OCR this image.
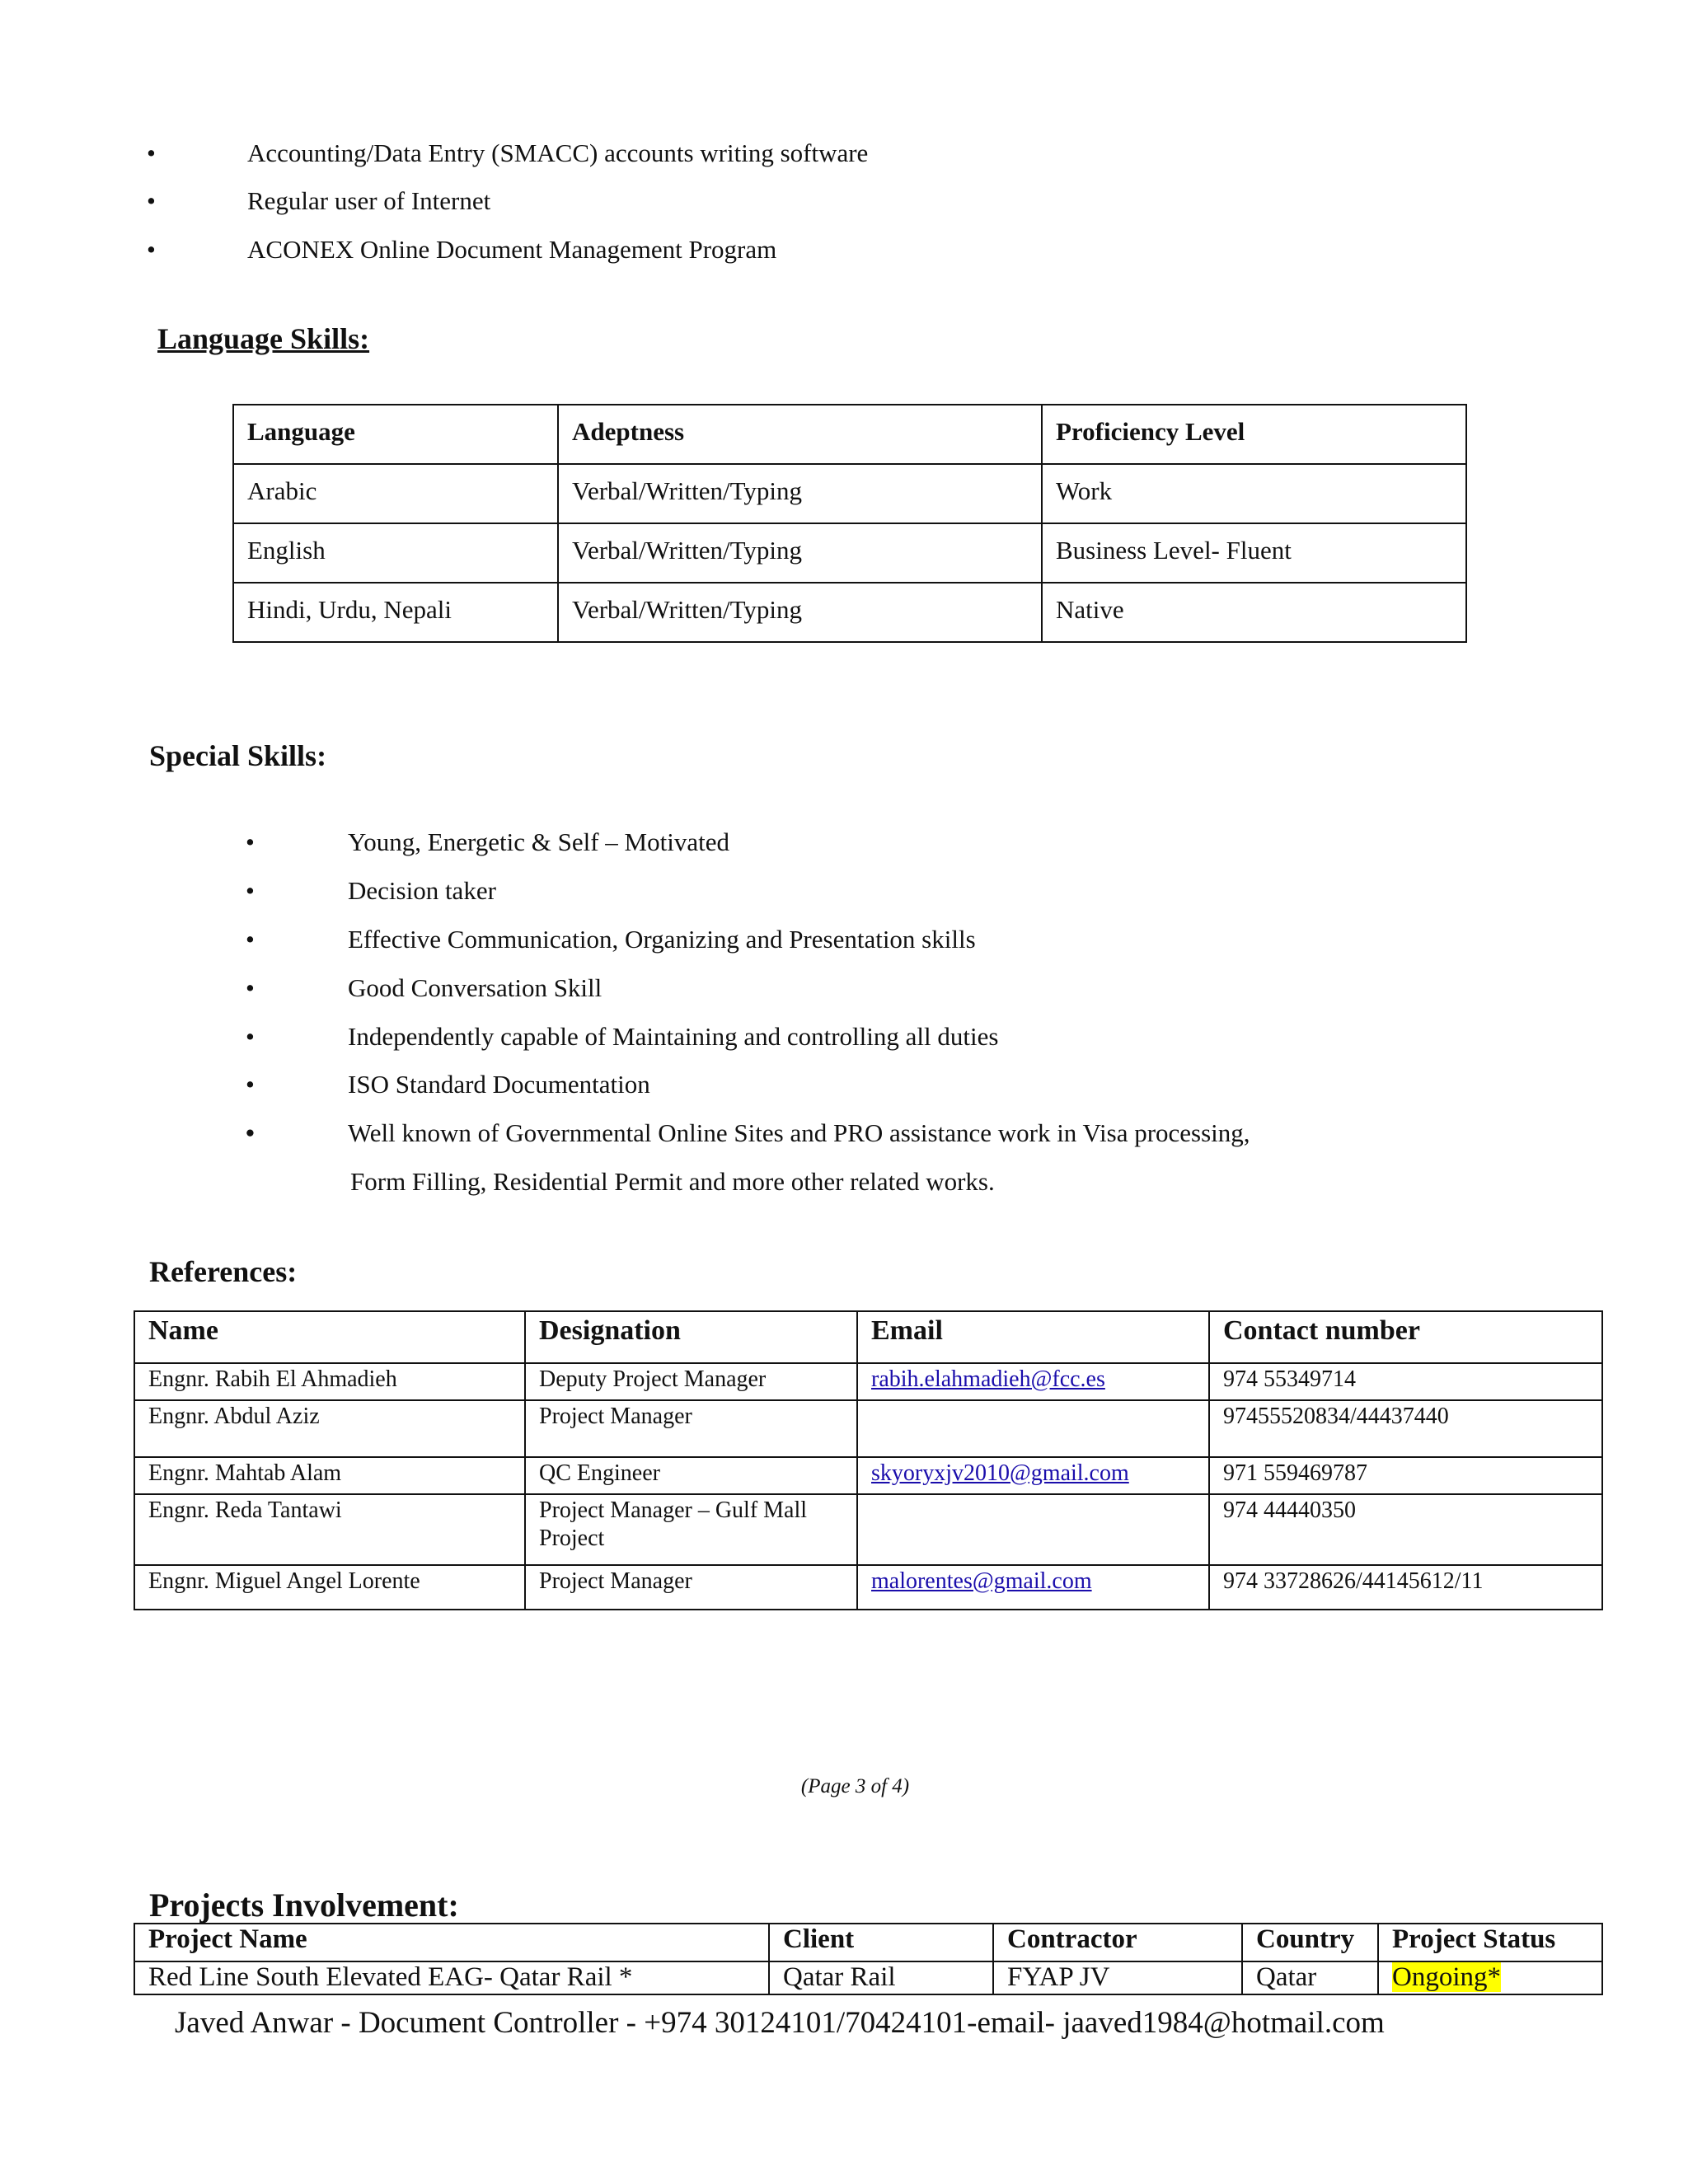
•	Accounting/Data Entry (SMACC) accounts writing software
•	Regular user of Internet
•	ACONEX Online Document Management Program
Language Skills:
Language	Adeptness	Proficiency Level
Arabic	Verbal/Written/Typing	Work
English	Verbal/Written/Typing	Business Level- Fluent
Hindi, Urdu, Nepali	Verbal/Written/Typing	Native
Special Skills:
•	Young, Energetic & Self – Motivated
•	Decision taker
•	Effective Communication, Organizing and Presentation skills
•	Good Conversation Skill
•	Independently capable of Maintaining and controlling all duties
•	ISO Standard Documentation
•	Well known of Governmental Online Sites and PRO assistance work in Visa processing,
Form Filling, Residential Permit and more other related works.
References:
Name	Designation	Email	Contact number
Engnr. Rabih El Ahmadieh	Deputy Project Manager	rabih.elahmadieh@fcc.es	974 55349714
Engnr. Abdul Aziz	Project Manager		97455520834/44437440
Engnr. Mahtab Alam	QC Engineer	skyoryxjv2010@gmail.com	971 559469787
Engnr. Reda Tantawi	Project Manager – Gulf Mall Project		974 44440350
Engnr. Miguel Angel Lorente	Project Manager	malorentes@gmail.com	974 33728626/44145612/11
(Page 3 of 4)
Projects Involvement:
Project Name	Client	Contractor	Country	Project Status
Red Line South Elevated EAG- Qatar Rail *	Qatar Rail	FYAP JV	Qatar	Ongoing*
Javed Anwar - Document Controller - +974 30124101/70424101-email- jaaved1984@hotmail.com
